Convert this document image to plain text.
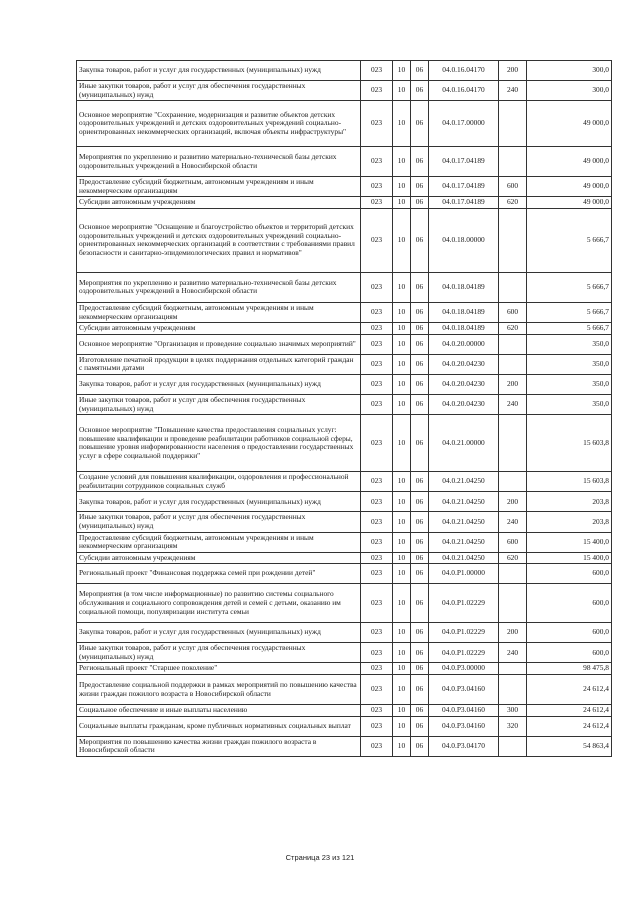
Закупка товаров, работ и услуг для государственных (муниципальных) нужд	023	10	06	04.0.16.04170	200	300,0
Иные закупки товаров, работ и услуг для обеспечения государственных (муниципальных) нужд	023	10	06	04.0.16.04170	240	300,0
Основное мероприятие "Сохранение, модернизация и развитие объектов детских оздоровительных учреждений и детских оздоровительных учреждений социально-ориентированных некоммерческих организаций, включая объекты инфраструктуры"	023	10	06	04.0.17.00000		49 000,0
Мероприятия по укреплению и развитию материально-технической базы детских оздоровительных учреждений в Новосибирской области	023	10	06	04.0.17.04189		49 000,0
Предоставление субсидий бюджетным, автономным учреждениям и иным некоммерческим организациям	023	10	06	04.0.17.04189	600	49 000,0
Субсидии автономным учреждениям	023	10	06	04.0.17.04189	620	49 000,0
Основное мероприятие "Оснащение и благоустройство объектов и территорий детских оздоровительных учреждений и детских оздоровительных учреждений социально-ориентированных некоммерческих организаций в соответствии с требованиями правил безопасности и санитарно-эпидемиологических правил и нормативов"	023	10	06	04.0.18.00000		5 666,7
Мероприятия по укреплению и развитию материально-технической базы детских оздоровительных учреждений в Новосибирской области	023	10	06	04.0.18.04189		5 666,7
Предоставление субсидий бюджетным, автономным учреждениям и иным некоммерческим организациям	023	10	06	04.0.18.04189	600	5 666,7
Субсидии автономным учреждениям	023	10	06	04.0.18.04189	620	5 666,7
Основное мероприятие "Организация и проведение социально значимых мероприятий"	023	10	06	04.0.20.00000		350,0
Изготовление печатной продукции в целях поддержания отдельных категорий граждан с памятными датами	023	10	06	04.0.20.04230		350,0
Закупка товаров, работ и услуг для государственных (муниципальных) нужд	023	10	06	04.0.20.04230	200	350,0
Иные закупки товаров, работ и услуг для обеспечения государственных (муниципальных) нужд	023	10	06	04.0.20.04230	240	350,0
Основное мероприятие "Повышение качества предоставления социальных услуг: повышение квалификации и проведение реабилитации работников социальной сферы, повышение уровня информированности населения о предоставлении государственных услуг в сфере социальной поддержки"	023	10	06	04.0.21.00000		15 603,8
Создание условий для повышения квалификации, оздоровления и профессиональной реабилитации сотрудников социальных служб	023	10	06	04.0.21.04250		15 603,8
Закупка товаров, работ и услуг для государственных (муниципальных) нужд	023	10	06	04.0.21.04250	200	203,8
Иные закупки товаров, работ и услуг для обеспечения государственных (муниципальных) нужд	023	10	06	04.0.21.04250	240	203,8
Предоставление субсидий бюджетным, автономным учреждениям и иным некоммерческим организациям	023	10	06	04.0.21.04250	600	15 400,0
Субсидии автономным учреждениям	023	10	06	04.0.21.04250	620	15 400,0
Региональный проект "Финансовая поддержка семей при рождении детей"	023	10	06	04.0.P1.00000		600,0
Мероприятия (в том числе информационные) по развитию системы социального обслуживания и социального сопровождения детей и семей с детьми, оказанию им социальной помощи, популяризации института семьи	023	10	06	04.0.P1.02229		600,0
Закупка товаров, работ и услуг для государственных (муниципальных) нужд	023	10	06	04.0.P1.02229	200	600,0
Иные закупки товаров, работ и услуг для обеспечения государственных (муниципальных) нужд	023	10	06	04.0.P1.02229	240	600,0
Региональный проект "Старшее поколение"	023	10	06	04.0.P3.00000		98 475,8
Предоставление социальной поддержки в рамках мероприятий по повышению качества жизни граждан пожилого возраста в Новосибирской области	023	10	06	04.0.P3.04160		24 612,4
Социальное обеспечение и иные выплаты населению	023	10	06	04.0.P3.04160	300	24 612,4
Социальные выплаты гражданам, кроме публичных нормативных социальных выплат	023	10	06	04.0.P3.04160	320	24 612,4
Мероприятия по повышению качества жизни граждан пожилого возраста в Новосибирской области	023	10	06	04.0.P3.04170		54 863,4
Страница 23 из 121
